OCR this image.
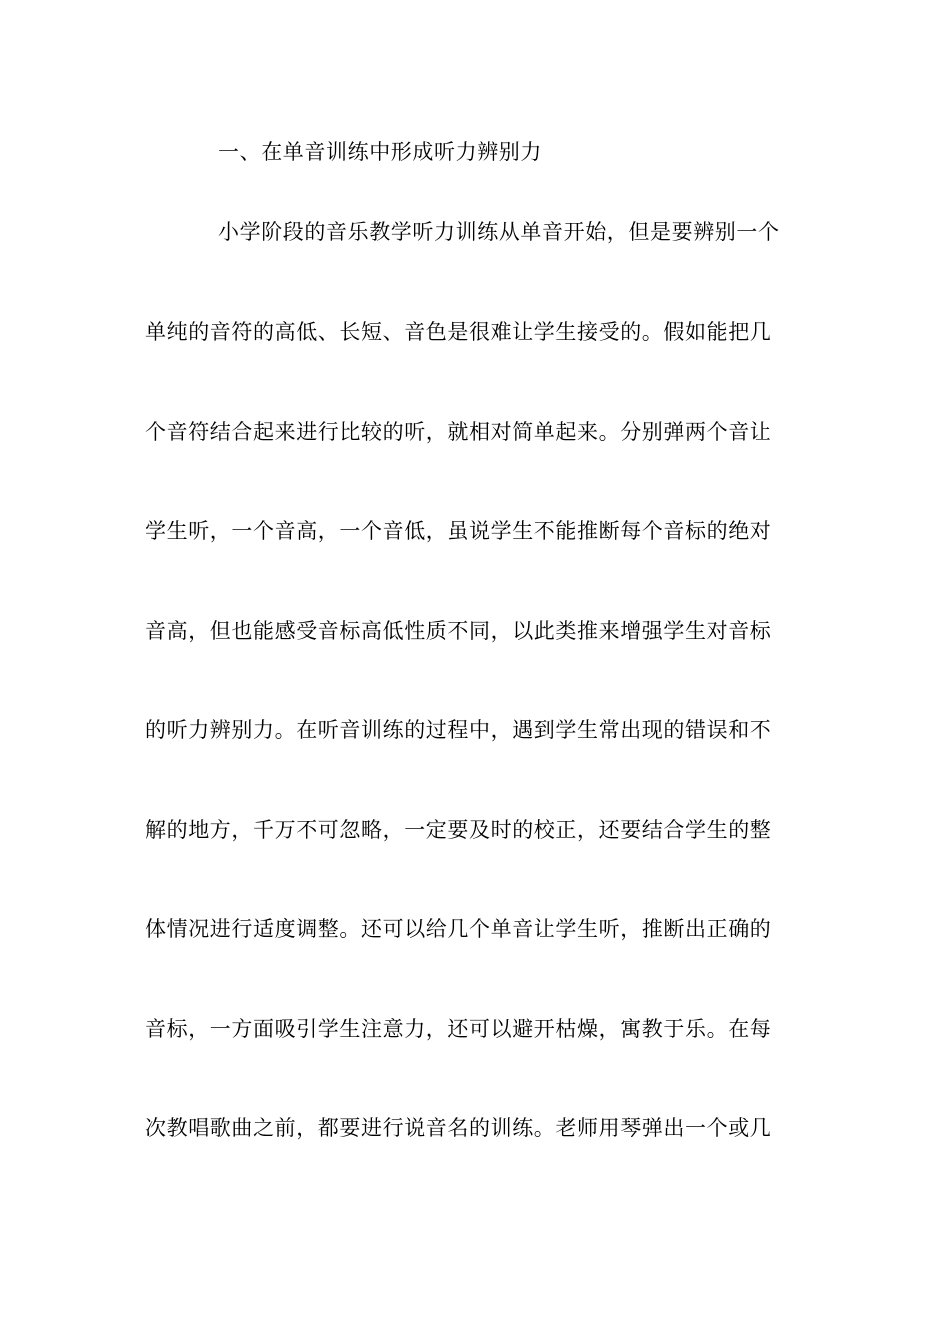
一、在单音训练中形成听力辨别力
小学阶段的音乐教学听力训练从单音开始，但是要辨别一个
单纯的音符的高低、长短、音色是很难让学生接受的。假如能把几
个音符结合起来进行比较的听，就相对简单起来。分别弹两个音让
学生听，一个音高，一个音低，虽说学生不能推断每个音标的绝对
音高，但也能感受音标高低性质不同，以此类推来增强学生对音标
的听力辨别力。在听音训练的过程中，遇到学生常出现的错误和不
解的地方，千万不可忽略，一定要及时的校正，还要结合学生的整
体情况进行适度调整。还可以给几个单音让学生听，推断出正确的
音标，一方面吸引学生注意力，还可以避开枯燥，寓教于乐。在每
次教唱歌曲之前，都要进行说音名的训练。老师用琴弹出一个或几
